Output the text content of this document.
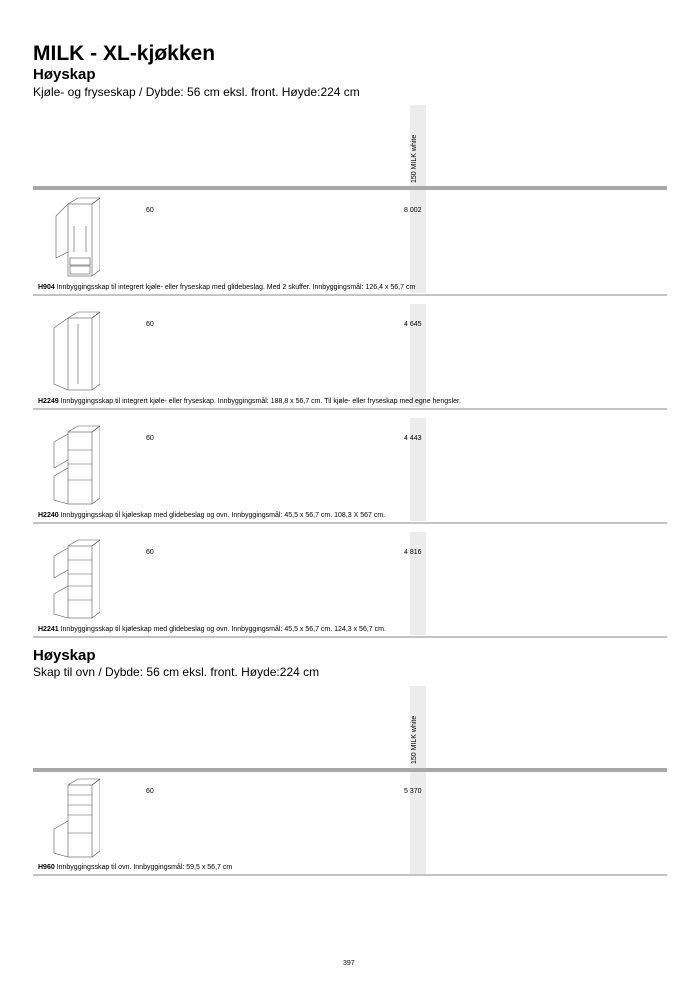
MILK - XL-kjøkken
Høyskap
Kjøle- og fryseskap / Dybde: 56 cm eksl. front. Høyde:224 cm
150 MILK white
60	8 002
H904 Innbyggingsskap til integrert kjøle- eller fryseskap med glidebeslag. Med 2 skuffer. Innbyggingsmål: 126,4 x 56,7 cm
60	4 645
H2249 Innbyggingsskap til integrert kjøle- eller fryseskap. Innbyggingsmål: 188,8 x 56,7 cm. Til kjøle- eller fryseskap med egne hengsler.
60	4 443
H2240 Innbyggingsskap til kjøleskap med glidebeslag og ovn. Innbyggingsmål: 45,5 x 56,7 cm. 108,3 X 567 cm.
60	4 816
H2241 Innbyggingsskap til kjøleskap med glidebeslag og ovn. Innbyggingsmål: 45,5 x 56,7 cm. 124,3 x 56,7 cm.
Høyskap
Skap til ovn / Dybde: 56 cm eksl. front. Høyde:224 cm
150 MILK white
60	5 370
H960 Innbyggingsskap til ovn. Innbyggingsmål: 59,5 x 56,7 cm
397
